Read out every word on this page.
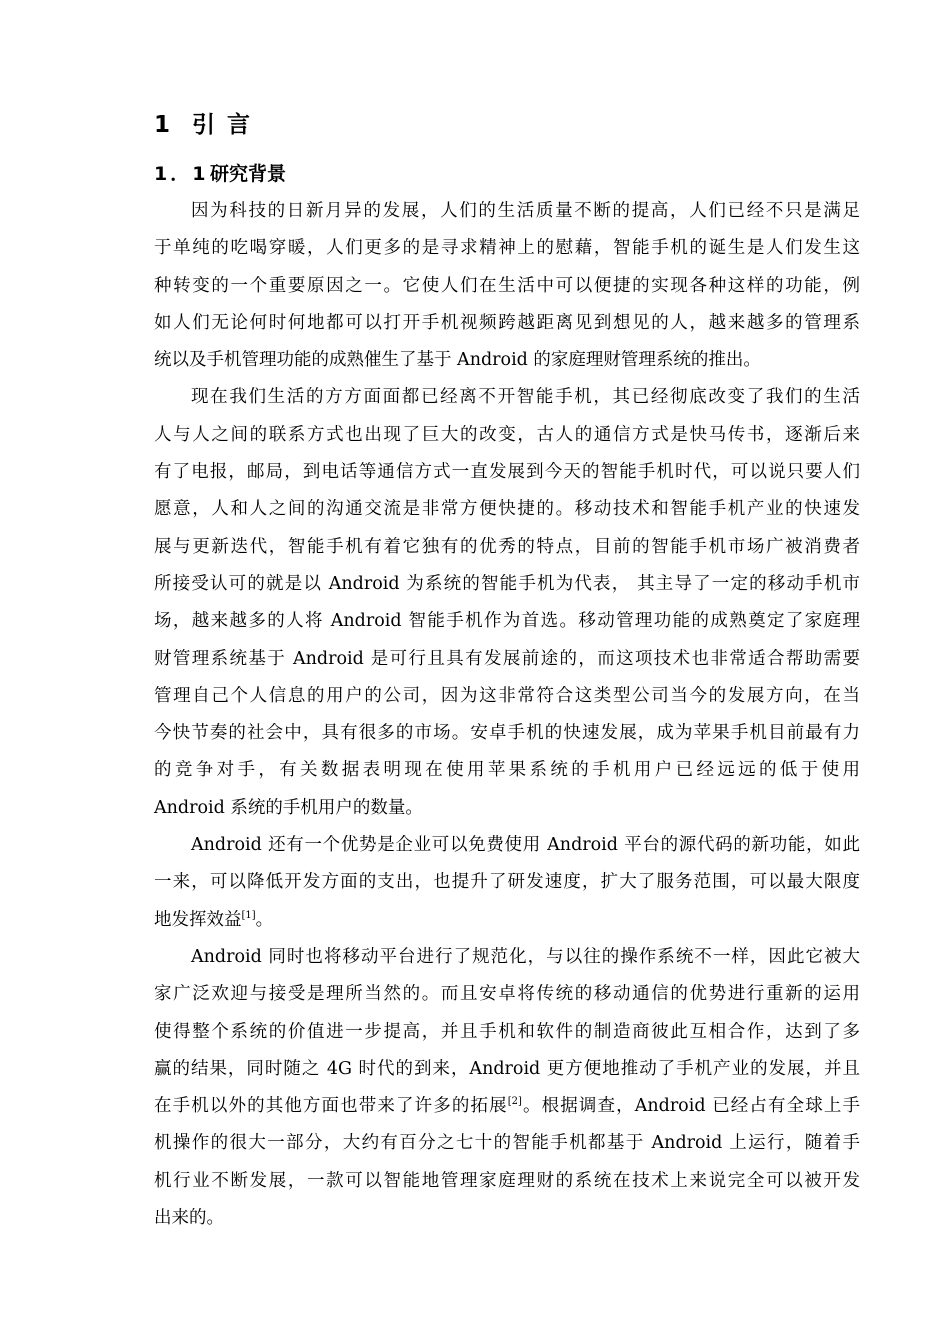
1 引言
1．1研究背景
因为科技的日新月异的发展，人们的生活质量不断的提高，人们已经不只是满足
于单纯的吃喝穿暖，人们更多的是寻求精神上的慰藉，智能手机的诞生是人们发生这
种转变的一个重要原因之一。它使人们在生活中可以便捷的实现各种这样的功能，例
如人们无论何时何地都可以打开手机视频跨越距离见到想见的人，越来越多的管理系
统以及手机管理功能的成熟催生了基于 Android 的家庭理财管理系统的推出。
现在我们生活的方方面面都已经离不开智能手机，其已经彻底改变了我们的生活
人与人之间的联系方式也出现了巨大的改变，古人的通信方式是快马传书，逐渐后来
有了电报，邮局，到电话等通信方式一直发展到今天的智能手机时代，可以说只要人们
愿意，人和人之间的沟通交流是非常方便快捷的。移动技术和智能手机产业的快速发
展与更新迭代，智能手机有着它独有的优秀的特点，目前的智能手机市场广被消费者
所接受认可的就是以 Android 为系统的智能手机为代表， 其主导了一定的移动手机市
场，越来越多的人将 Android 智能手机作为首选。移动管理功能的成熟奠定了家庭理
财管理系统基于 Android 是可行且具有发展前途的，而这项技术也非常适合帮助需要
管理自己个人信息的用户的公司，因为这非常符合这类型公司当今的发展方向，在当
今快节奏的社会中，具有很多的市场。安卓手机的快速发展，成为苹果手机目前最有力
的竞争对手，有关数据表明现在使用苹果系统的手机用户已经远远的低于使用
Android 系统的手机用户的数量。
Android 还有一个优势是企业可以免费使用 Android 平台的源代码的新功能，如此
一来，可以降低开发方面的支出，也提升了研发速度，扩大了服务范围，可以最大限度
地发挥效益[1]。
Android 同时也将移动平台进行了规范化，与以往的操作系统不一样，因此它被大
家广泛欢迎与接受是理所当然的。而且安卓将传统的移动通信的优势进行重新的运用
使得整个系统的价值进一步提高，并且手机和软件的制造商彼此互相合作，达到了多
赢的结果，同时随之 4G 时代的到来，Android 更方便地推动了手机产业的发展，并且
在手机以外的其他方面也带来了许多的拓展[2]。根据调查，Android 已经占有全球上手
机操作的很大一部分，大约有百分之七十的智能手机都基于 Android 上运行，随着手
机行业不断发展，一款可以智能地管理家庭理财的系统在技术上来说完全可以被开发
出来的。
